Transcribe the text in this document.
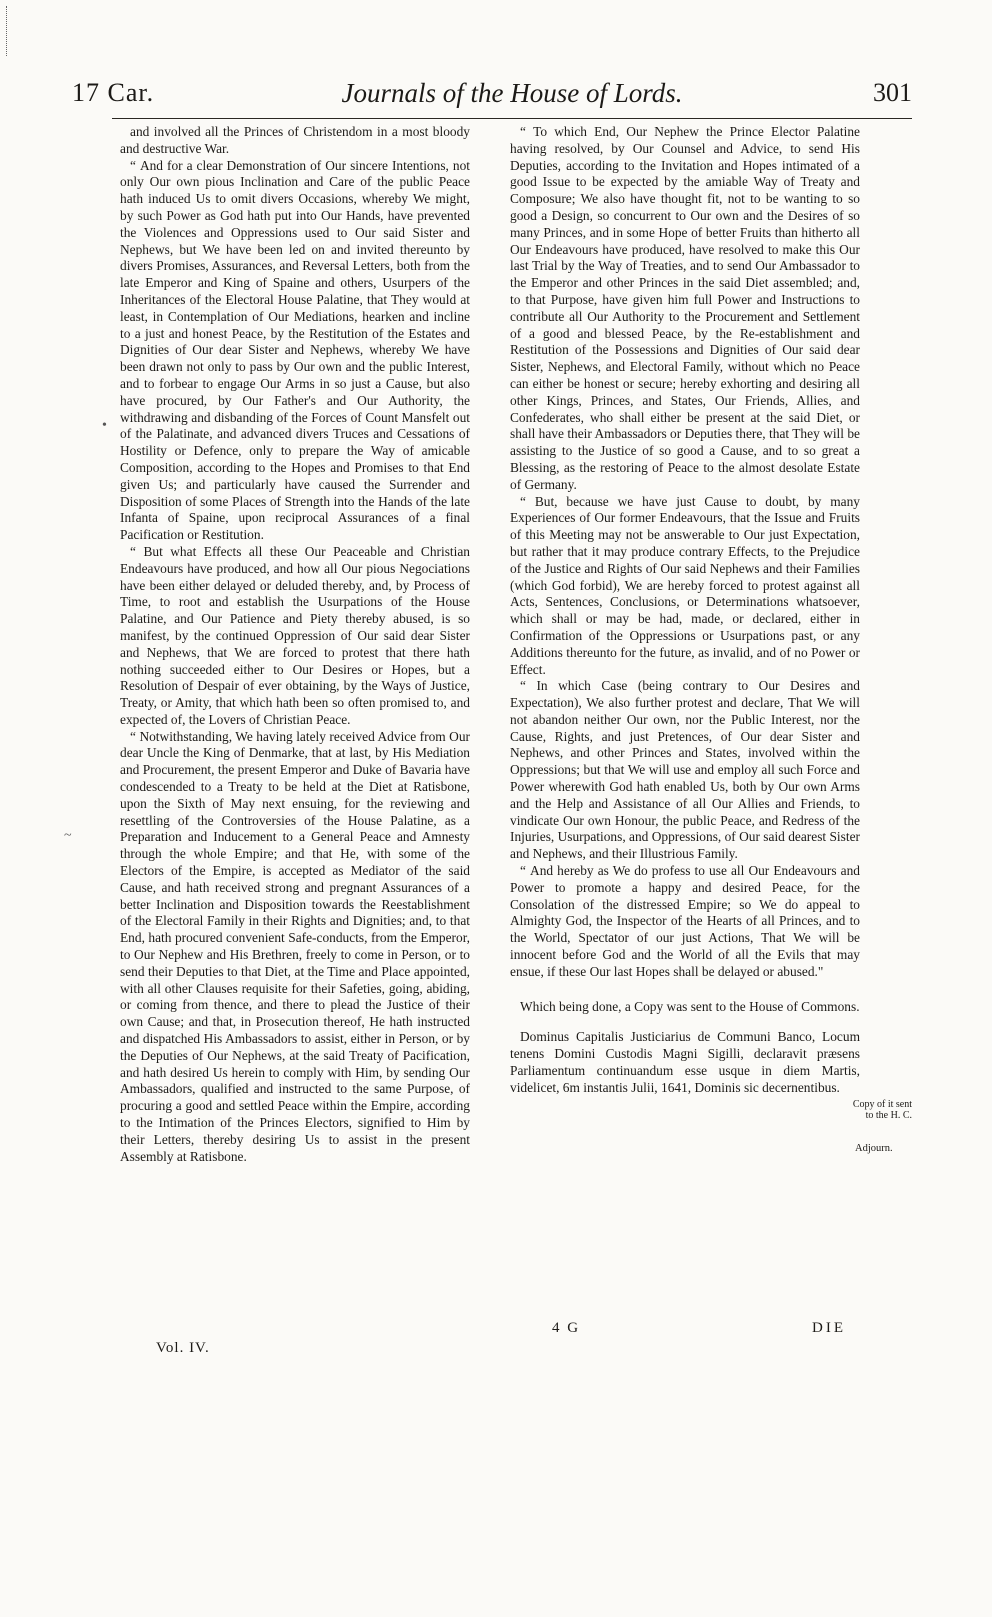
17 Car.	Journals of the House of Lords.	301
•
~

and involved all the Princes of Christendom in a most bloody and destructive War.

“ And for a clear Demonstration of Our sincere Intentions, not only Our own pious Inclination and Care of the public Peace hath induced Us to omit divers Occasions, whereby We might, by such Power as God hath put into Our Hands, have prevented the Violences and Oppressions used to Our said Sister and Nephews, but We have been led on and invited thereunto by divers Promises, Assurances, and Reversal Letters, both from the late Emperor and King of Spaine and others, Usurpers of the Inheritances of the Electoral House Palatine, that They would at least, in Contemplation of Our Mediations, hearken and incline to a just and honest Peace, by the Restitution of the Estates and Dignities of Our dear Sister and Nephews, whereby We have been drawn not only to pass by Our own and the public Interest, and to forbear to engage Our Arms in so just a Cause, but also have procured, by Our Father's and Our Authority, the withdrawing and disbanding of the Forces of Count Mansfelt out of the Palatinate, and advanced divers Truces and Cessations of Hostility or Defence, only to prepare the Way of amicable Composition, according to the Hopes and Promises to that End given Us; and particularly have caused the Surrender and Disposition of some Places of Strength into the Hands of the late Infanta of Spaine, upon reciprocal Assurances of a final Pacification or Restitution.

“ But what Effects all these Our Peaceable and Christian Endeavours have produced, and how all Our pious Negociations have been either delayed or deluded thereby, and, by Process of Time, to root and establish the Usurpations of the House Palatine, and Our Patience and Piety thereby abused, is so manifest, by the continued Oppression of Our said dear Sister and Nephews, that We are forced to protest that there hath nothing succeeded either to Our Desires or Hopes, but a Resolution of Despair of ever obtaining, by the Ways of Justice, Treaty, or Amity, that which hath been so often promised to, and expected of, the Lovers of Christian Peace.

“ Notwithstanding, We having lately received Advice from Our dear Uncle the King of Denmarke, that at last, by His Mediation and Procurement, the present Emperor and Duke of Bavaria have condescended to a Treaty to be held at the Diet at Ratisbone, upon the Sixth of May next ensuing, for the reviewing and resettling of the Controversies of the House Palatine, as a Preparation and Inducement to a General Peace and Amnesty through the whole Empire; and that He, with some of the Electors of the Empire, is accepted as Mediator of the said Cause, and hath received strong and pregnant Assurances of a better Inclination and Disposition towards the Reestablishment of the Electoral Family in their Rights and Dignities; and, to that End, hath procured convenient Safe-conducts, from the Emperor, to Our Nephew and His Brethren, freely to come in Person, or to send their Deputies to that Diet, at the Time and Place appointed, with all other Clauses requisite for their Safeties, going, abiding, or coming from thence, and there to plead the Justice of their own Cause; and that, in Prosecution thereof, He hath instructed and dispatched His Ambassadors to assist, either in Person, or by the Deputies of Our Nephews, at the said Treaty of Pacification, and hath desired Us herein to comply with Him, by sending Our Ambassadors, qualified and instructed to the same Purpose, of procuring a good and settled Peace within the Empire, according to the Intimation of the Princes Electors, signified to Him by their Letters, thereby desiring Us to assist in the present Assembly at Ratisbone.

“ To which End, Our Nephew the Prince Elector Palatine having resolved, by Our Counsel and Advice, to send His Deputies, according to the Invitation and Hopes intimated of a good Issue to be expected by the amiable Way of Treaty and Composure; We also have thought fit, not to be wanting to so good a Design, so concurrent to Our own and the Desires of so many Princes, and in some Hope of better Fruits than hitherto all Our Endeavours have produced, have resolved to make this Our last Trial by the Way of Treaties, and to send Our Ambassador to the Emperor and other Princes in the said Diet assembled; and, to that Purpose, have given him full Power and Instructions to contribute all Our Authority to the Procurement and Settlement of a good and blessed Peace, by the Re-establishment and Restitution of the Possessions and Dignities of Our said dear Sister, Nephews, and Electoral Family, without which no Peace can either be honest or secure; hereby exhorting and desiring all other Kings, Princes, and States, Our Friends, Allies, and Confederates, who shall either be present at the said Diet, or shall have their Ambassadors or Deputies there, that They will be assisting to the Justice of so good a Cause, and to so great a Blessing, as the restoring of Peace to the almost desolate Estate of Germany.

“ But, because we have just Cause to doubt, by many Experiences of Our former Endeavours, that the Issue and Fruits of this Meeting may not be answerable to Our just Expectation, but rather that it may produce contrary Effects, to the Prejudice of the Justice and Rights of Our said Nephews and their Families (which God forbid), We are hereby forced to protest against all Acts, Sentences, Conclusions, or Determinations whatsoever, which shall or may be had, made, or declared, either in Confirmation of the Oppressions or Usurpations past, or any Additions thereunto for the future, as invalid, and of no Power or Effect.

“ In which Case (being contrary to Our Desires and Expectation), We also further protest and declare, That We will not abandon neither Our own, nor the Public Interest, nor the Cause, Rights, and just Pretences, of Our dear Sister and Nephews, and other Princes and States, involved within the Oppressions; but that We will use and employ all such Force and Power wherewith God hath enabled Us, both by Our own Arms and the Help and Assistance of all Our Allies and Friends, to vindicate Our own Honour, the public Peace, and Redress of the Injuries, Usurpations, and Oppressions, of Our said dearest Sister and Nephews, and their Illustrious Family.

“ And hereby as We do profess to use all Our Endeavours and Power to promote a happy and desired Peace, for the Consolation of the distressed Empire; so We do appeal to Almighty God, the Inspector of the Hearts of all Princes, and to the World, Spectator of our just Actions, That We will be innocent before God and the World of all the Evils that may ensue, if these Our last Hopes shall be delayed or abused."

Which being done, a Copy was sent to the House of Commons.

Dominus Capitalis Justiciarius de Communi Banco, Locum tenens Domini Custodis Magni Sigilli, declaravit præsens Parliamentum continuandum esse usque in diem Martis, videlicet, 6m instantis Julii, 1641, Dominis sic decernentibus.

Copy of it sent to the H. C.
Adjourn.
Vol. IV.
4 G	DIE
